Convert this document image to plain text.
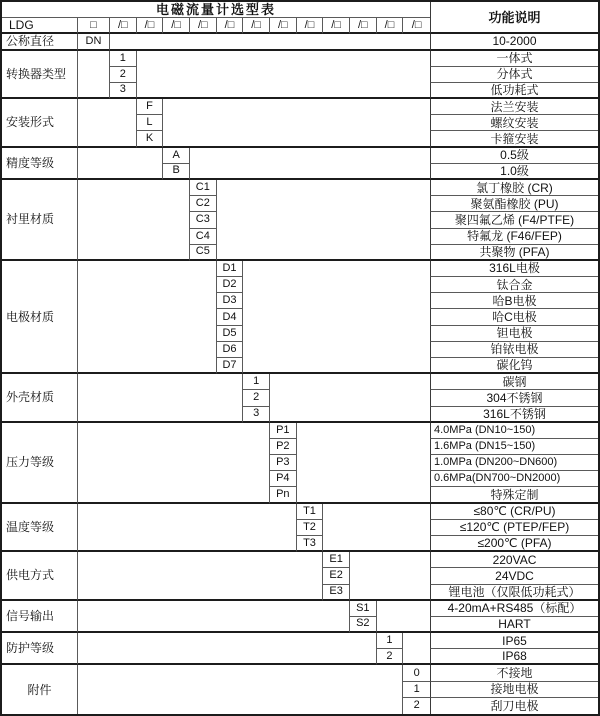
电磁流量计选型表
功能说明
LDG	□	/□	/□	/□	/□	/□	/□	/□	/□	/□	/□	/□	/□
公称直径	DN	10-2000
转换器类型
1	一体式
2	分体式
3	低功耗式
安装形式
F	法兰安装
L	螺纹安装
K	卡箍安装
精度等级
A	0.5级
B	1.0级
衬里材质
C1	氯丁橡胶 (CR)
C2	聚氨酯橡胶 (PU)
C3	聚四氟乙烯 (F4/PTFE)
C4	特氟龙 (F46/FEP)
C5	共聚物 (PFA)
电极材质
D1	316L电极
D2	钛合金
D3	哈B电极
D4	哈C电极
D5	钽电极
D6	铂铱电极
D7	碳化钨
外壳材质
1	碳钢
2	304不锈钢
3	316L不锈钢
压力等级
P1	4.0MPa (DN10~150)
P2	1.6MPa (DN15~150)
P3	1.0MPa (DN200~DN600)
P4	0.6MPa(DN700~DN2000)
Pn	特殊定制
温度等级
T1	≤80℃ (CR/PU)
T2	≤120℃ (PTEP/FEP)
T3	≤200℃ (PFA)
供电方式
E1	220VAC
E2	24VDC
E3	锂电池（仅限低功耗式）
信号输出
S1	4-20mA+RS485（标配）
S2	HART
防护等级
1	IP65
2	IP68
附件
0	不接地
1	接地电极
2	刮刀电极
